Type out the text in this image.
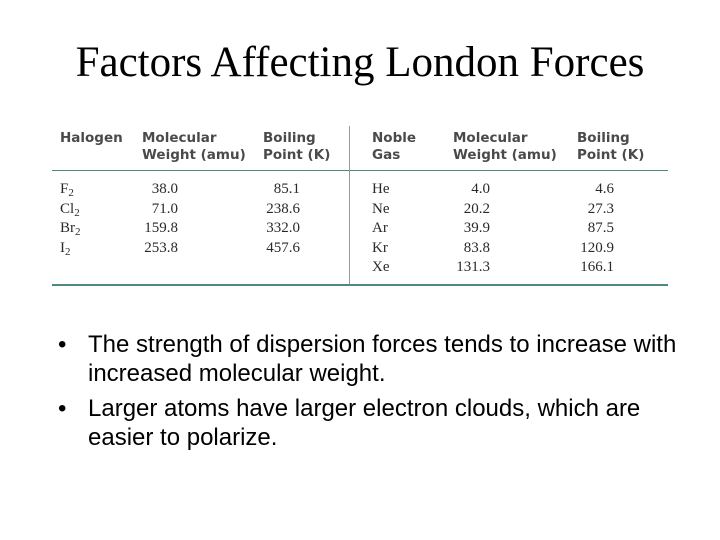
Factors Affecting London Forces
Halogen Molecular
Weight (amu)
Boiling
Point (K)
Noble
Gas
Molecular
Weight (amu)
Boiling
Point (K)
$F_2$
$Cl_2$
$Br_2$
$I_2$
38.0
71.0
159.8
253.8
85.1
238.6
332.0
457.6
He
Ne
Ar
Kr
Xe
4.0
20.2
39.9
83.8
131.3
4.6
27.3
87.5
120.9
166.1
• The strength of dispersion forces tends to increase with increased molecular weight.
• Larger atoms have larger electron clouds, which are easier to polarize.
